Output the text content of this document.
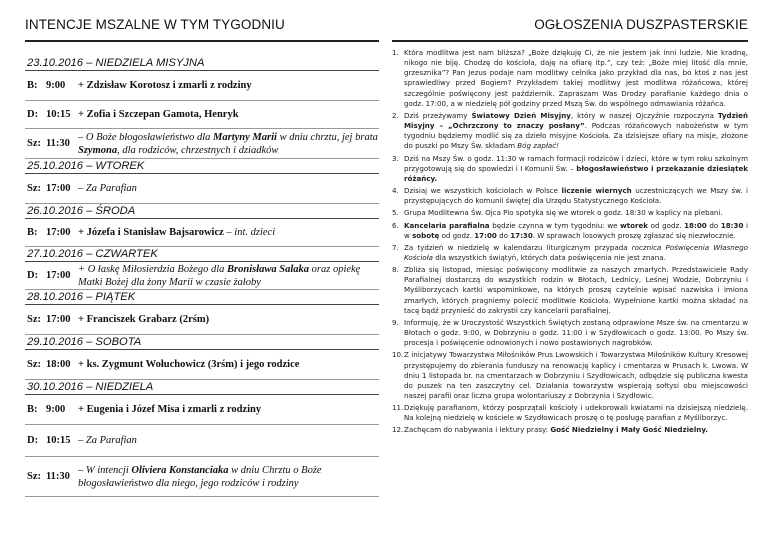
INTENCJE MSZALNE W TYM TYGODNIU
23.10.2016 – NIEDZIELA MISYJNA
B: 9:00	+ Zdzisław Korotosz i zmarli z rodziny
D: 10:15 + Zofia i Szczepan Gamota, Henryk
Sz: 11:30
– O Boże błogosławieństwo dla Martyny Marii w dniu chrztu, jej brata Szymona, dla rodziców, chrzestnych i dziadków
25.10.2016 – WTOREK
Sz: 17:00 – Za Parafian
26.10.2016 – ŚRODA
B: 17:00 + Józefa i Stanisław Bajsarowicz – int. dzieci
27.10.2016 – CZWARTEK
D: 17:00
+ O łaskę Miłosierdzia Bożego dla Bronisława Salaka oraz opiekę Matki Bożej dla żony Marii w czasie żałoby
28.10.2016 – PIĄTEK
Sz: 17:00 + Franciszek Grabarz (2rśm)
29.10.2016 – SOBOTA
Sz: 18:00 + ks. Zygmunt Wołuchowicz (3rśm) i jego rodzice
30.10.2016 – NIEDZIELA
B: 9:00	+ Eugenia i Józef Misa i zmarli z rodziny
D: 10:15 – Za Parafian
Sz: 11:30
– W intencji Oliviera Konstanciaka w dniu Chrztu o Boże błogosławieństwo dla niego, jego rodziców i rodziny
OGŁOSZENIA DUSZPASTERSKIE
1. Która modlitwa jest nam bliższa? „Boże dziękuję Ci, że nie jestem jak inni ludzie. Nie kradnę, nikogo nie biję. Chodzę do kościoła, daję na ofiarę itp.”, czy też: „Boże miej litość dla mnie, grzesznika”? Pan Jezus podaje nam modlitwy celnika jako przykład dla nas, bo ktoś z nas jest sprawiedliwy przed Bogiem? Przykładem takiej modlitwy jest modlitwa różańcowa, której szczególnie poświęcony jest październik. Zapraszam Was Drodzy parafianie każdego dnia o godz. 17:00, a w niedzielę pół godziny przed Mszą Św. do wspólnego odmawiania różańca.
2. Dziś przeżywamy Światowy Dzień Misyjny, który w naszej Ojczyźnie rozpoczyna Tydzień Misyjny – „Ochrzczony to znaczy posłany”. Podczas różańcowych nabożeństw w tym tygodniu będziemy modlić się za dzieło misyjne Kościoła. Za dzisiejsze ofiary na misje, złożone do puszki po Mszy Św. składam Bóg zapłać!
3. Dziś na Mszy Św. o godz. 11:30 w ramach formacji rodziców i dzieci, które w tym roku szkolnym przygotowują się do spowiedzi i I Komunii Św. – błogosławieństwo i przekazanie dziesiątek różańcy.
4. Dzisiaj we wszystkich kościołach w Polsce liczenie wiernych uczestniczących we Mszy św. i przystępujących do komunii świętej dla Urzędu Statystycznego Kościoła.
5. Grupa Modlitewna Św. Ojca Pio spotyka się we wtorek o godz. 18:30 w kaplicy na plebani.
6. Kancelaria parafialna będzie czynna w tym tygodniu: we wtorek od godz. 18:00 do 18:30 i w sobotę od godz. 17:00 do 17:30. W sprawach losowych proszę zgłaszać się niezwłocznie.
7. Za tydzień w niedzielę w kalendarzu liturgicznym przypada rocznica Poświęcenia Własnego Kościoła dla wszystkich świątyń, których data poświęcenia nie jest znana.
8. Zbliża się listopad, miesiąc poświęcony modlitwie za naszych zmarłych. Przedstawiciele Rady Parafialnej dostarczą do wszystkich rodzin w Błotach, Lednicy, Leśnej Wodzie, Dobrzyniu i Myśliborzycach kartki wspominkowe, na których proszę czytelnie wpisać nazwiska i imiona zmarłych, których pragniemy polecić modlitwie Kościoła. Wypełnione kartki można składać na tacę bądź przynieść do zakrystii czy kancelarii parafialnej.
9. Informuję, że w Uroczystość Wszystkich Świętych zostaną odprawione Msze św. na cmentarzu w Błotach o godz. 9:00, w Dobrzyniu o godz. 11:00 i w Szydłowicach o godz. 13:00. Po Mszy św. procesja i poświęcenie odnowionych i nowo postawionych nagrobków.
10. Z inicjatywy Towarzystwa Miłośników Prus Lwowskich i Towarzystwa Miłośników Kultury Kresowej przystępujemy do zbierania funduszy na renowację kaplicy i cmentarza w Prusach k. Lwowa. W dniu 1 listopada br. na cmentarzach w Dobrzyniu i Szydłowicach, odbędzie się publiczna kwesta do puszek na ten zaszczytny cel. Działania towarzystw wspierają sołtysi obu miejscowości naszej parafii oraz liczna grupa wolontariuszy z Dobrzynia i Szydłowic.
11. Dziękuję parafianom, którzy posprzątali kościoły i udekorowali kwiatami na dzisiejszą niedzielę. Na kolejną niedzielę w kościele w Szydłowicach proszę o tę posługę parafian z Myśliborzyc.
12. Zachęcam do nabywania i lektury prasy: Gość Niedzielny i Mały Gość Niedzielny.
